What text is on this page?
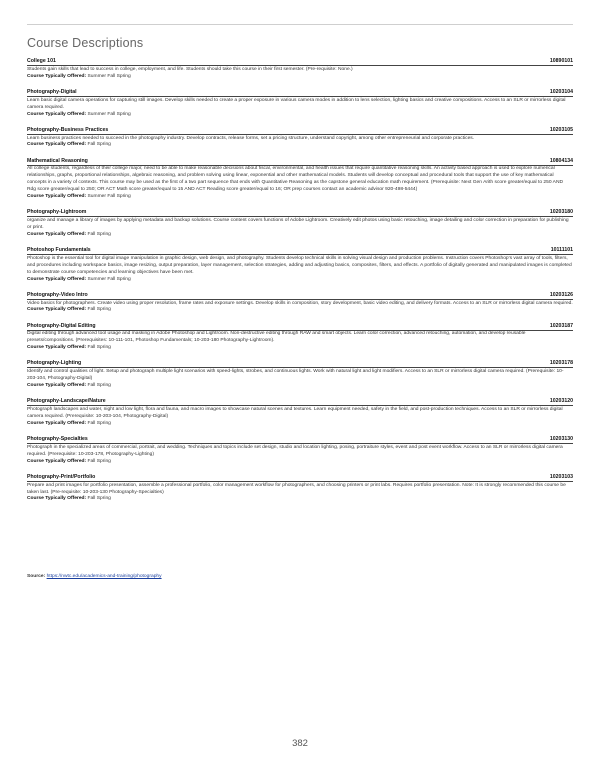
Course Descriptions
College 101	10890101
Students gain skills that lead to success in college, employment, and life. Students should take this course in their first semester. (Pre-requisite: None.)
Course Typically Offered: Summer Fall Spring
Photography-Digital	10203104
Learn basic digital camera operations for capturing still images. Develop skills needed to create a proper exposure in various camera modes in addition to lens selection, lighting basics and creative compositions. Access to an SLR or mirrorless digital camera required.
Course Typically Offered: Summer Fall Spring
Photography-Business Practices	10203105
Learn business practices needed to succeed in the photography industry. Develop contracts, release forms, set a pricing structure, understand copyright, among other entrepreneurial and corporate practices.
Course Typically Offered: Fall Spring
Mathematical Reasoning	10804134
All college students, regardless of their college major, need to be able to make reasonable decisions about fiscal, environmental, and health issues that require quantitative reasoning skills. An activity based approach is used to explore numerical relationships, graphs, proportional relationships, algebraic reasoning, and problem solving using linear, exponential and other mathematical models. Students will develop conceptual and procedural tools that support the use of key mathematical concepts in a variety of contexts. This course may be used as the first of a two part sequence that ends with Quantitative Reasoning as the capstone general education math requirement. (Prerequisite: Next Gen Arith score greater/equal to 250 AND Rdg score greater/equal to 250; OR ACT Math score greater/equal to 15 AND ACT Reading score greater/equal to 16; OR prep courses contact an academic advisor 920-498-5444)
Course Typically Offered: Summer Fall Spring
Photography-Lightroom	10203180
organize and manage a library of images by applying metadata and backup solutions. Course content covers functions of Adobe Lightroom. Creatively edit photos using basic retouching, image detailing and color correction in preparation for publishing or print.
Course Typically Offered: Fall Spring
Photoshop Fundamentals	10111101
Photoshop is the essential tool for digital image manipulation in graphic design, web design, and photography. Students develop technical skills in solving visual design and production problems. Instruction covers Photoshop's vast array of tools, filters, and procedures including workspace basics, image resizing, output preparation, layer management, selection strategies, adding and adjusting basics, composites, filters, and effects. A portfolio of digitally generated and manipulated images is completed to demonstrate course competencies and learning objectives have been met.
Course Typically Offered: Summer Fall Spring
Photography-Video Intro	10203126
Video basics for photographers. Create video using proper resolution, frame rates and exposure settings. Develop skills in composition, story development, basic video editing, and delivery formats. Access to an SLR or mirrorless digital camera required.
Course Typically Offered: Fall Spring
Photography-Digital Editing	10203187
Digital editing through advanced tool usage and masking in Adobe Photoshop and Lightroom. Non-destructive editing through RAW and smart objects. Learn color correction, advanced retouching, automation, and develop reusable presets/compositions. (Prerequisites: 10-111-101, Photoshop Fundamentals; 10-203-180 Photography-Lightroom).
Course Typically Offered: Fall Spring
Photography-Lighting	10203178
Identify and control qualities of light. Setup and photograph multiple light scenarios with speed-lights, strobes, and continuous lights. Work with natural light and light modifiers. Access to an SLR or mirrorless digital camera required. (Prerequisite: 10-203-104, Photography-Digital)
Course Typically Offered: Fall Spring
Photography-Landscape/Nature	10203120
Photograph landscapes and water, night and low light, flora and fauna, and macro images to showcase natural scenes and textures. Learn equipment needed, safety in the field, and post-production techniques. Access to an SLR or mirrorless digital camera required. (Prerequisite: 10-203-104, Photography-Digital)
Course Typically Offered: Fall Spring
Photography-Specialties	10203130
Photograph in the specialized areas of commercial, portrait, and wedding. Techniques and topics include set design, studio and location lighting, posing, portraiture styles, event and post event workflow. Access to an SLR or mirrorless digital camera required. (Prerequisite: 10-203-178, Photography-Lighting)
Course Typically Offered: Fall Spring
Photography-Print/Portfolio	10203103
Prepare and print images for portfolio presentation, assemble a professional portfolio, color management workflow for photographers, and choosing printers or print labs. Requires portfolio presentation. Note: It is strongly recommended this course be taken last. (Pre-requisite: 10-203-130 Photography-Specialties)
Course Typically Offered: Fall Spring
Source: https://nwtc.edu/academics-and-training/photography
382
